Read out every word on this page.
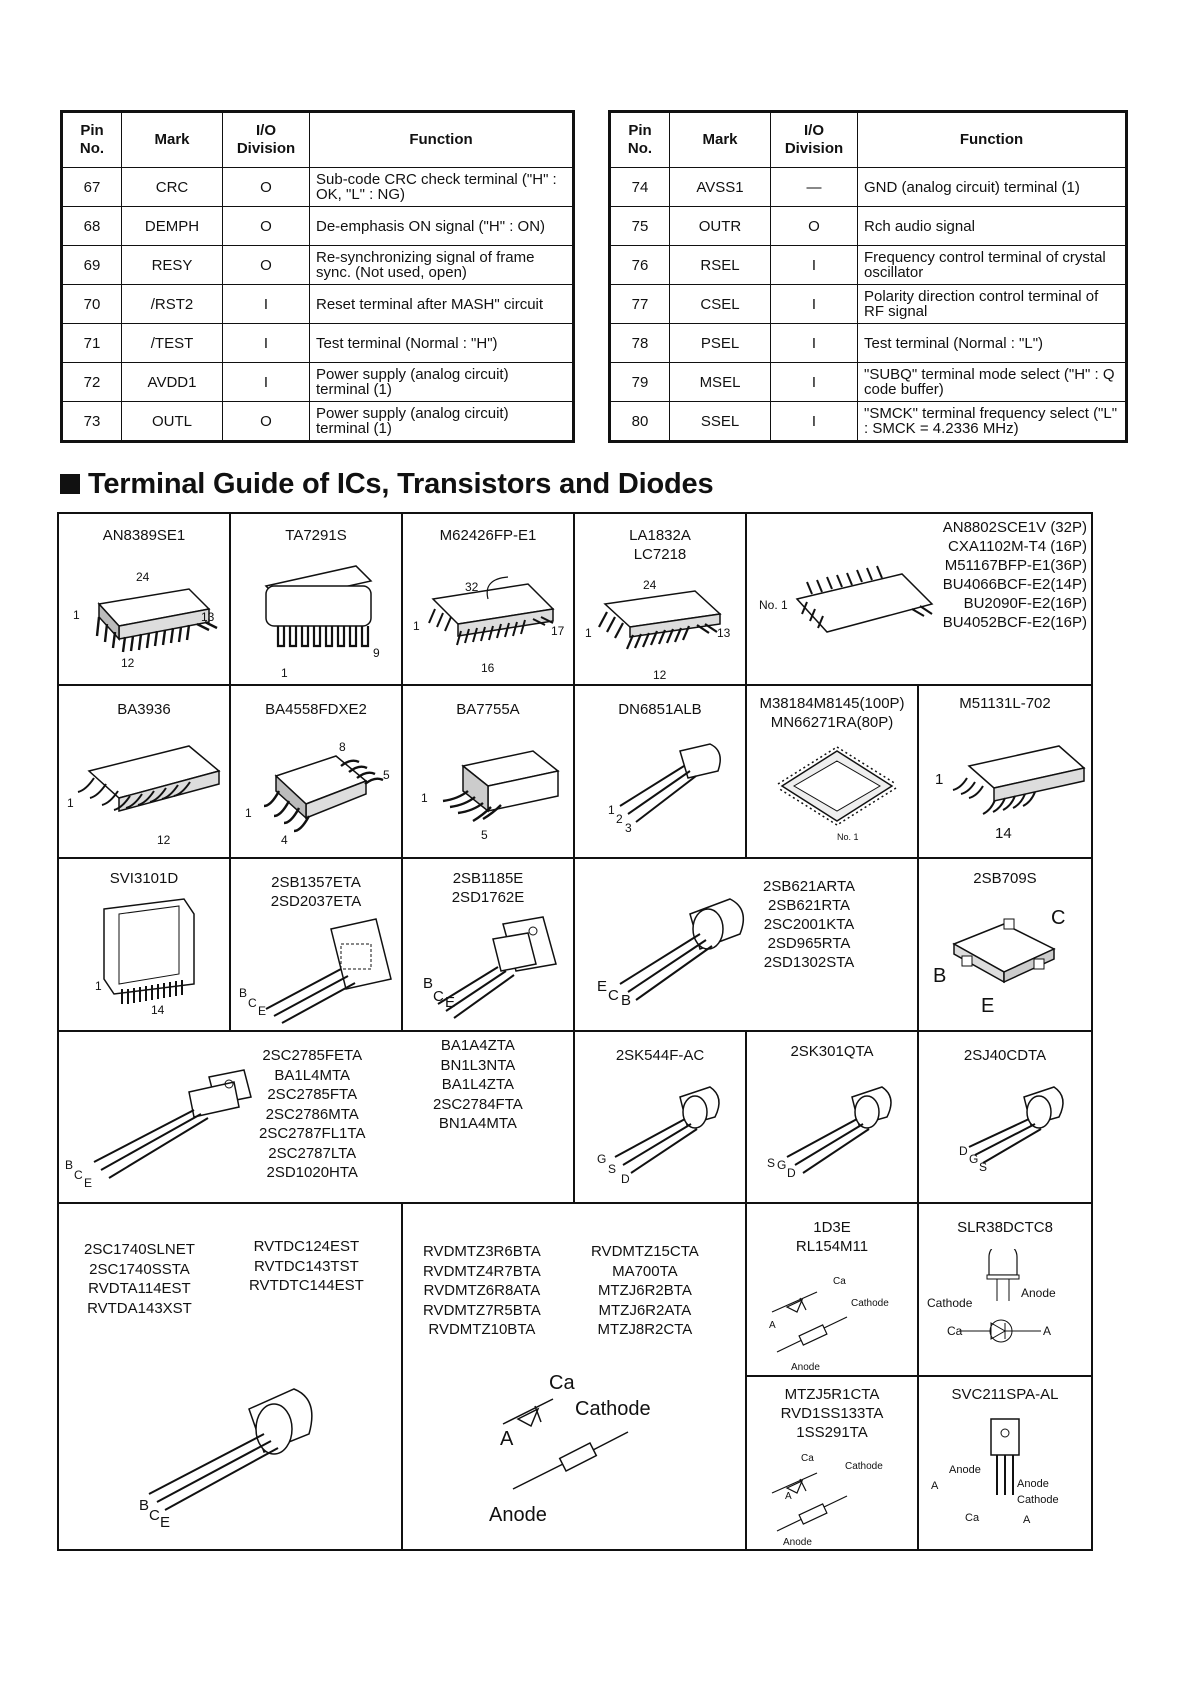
Pin No.	Mark	I/O Division	Function
67	CRC	O	Sub-code CRC check terminal ("H" : OK, "L" : NG)
68	DEMPH	O	De-emphasis ON signal ("H" : ON)
69	RESY	O	Re-synchronizing signal of frame sync. (Not used, open)
70	/RST2	I	Reset terminal after MASH" circuit
71	/TEST	I	Test terminal (Normal : "H")
72	AVDD1	I	Power supply (analog circuit) terminal (1)
73	OUTL	O	Power supply (analog circuit) terminal (1)
Pin No.	Mark	I/O Division	Function
74	AVSS1	—	GND (analog circuit) terminal (1)
75	OUTR	O	Rch audio signal
76	RSEL	I	Frequency control terminal of crystal oscillator
77	CSEL	I	Polarity direction control terminal of RF signal
78	PSEL	I	Test terminal (Normal : "L")
79	MSEL	I	"SUBQ" terminal mode select ("H" : Q code buffer)
80	SSEL	I	"SMCK" terminal frequency select ("L" : SMCK = 4.2336 MHz)
Terminal Guide of ICs, Transistors and Diodes
AN8389SE1
24
1	13
12
TA7291S
1
9
M62426FP-E1
32
1	17
16
LA1832A
LC7218
24
1	13
12
AN8802SCE1V (32P)
CXA1102M-T4 (16P)
M51167BFP-E1(36P)
BU4066BCF-E2(14P)
BU2090F-E2(16P)
BU4052BCF-E2(16P)
No. 1
BA3936
1
12
BA4558FDXE2
8
5
1
4
BA7755A
1
5
DN6851ALB
1
2
3
M38184M8145(100P)
MN66271RA(80P)
No. 1
M51131L-702
1
14
SVI3101D
1
14
2SB1357ETA
2SD2037ETA
B
C
E
2SB1185E
2SD1762E
B
C E
2SB621ARTA
2SB621RTA
2SC2001KTA
2SD965RTA
2SD1302STA
E
C B
2SB709S
C
B
E
2SC2785FETA
BA1L4MTA
2SC2785FTA
2SC2786MTA
2SC2787FL1TA
2SC2787LTA
2SD1020HTA
BA1A4ZTA
BN1L3NTA
BA1L4ZTA
2SC2784FTA
BN1A4MTA
B
C
E
2SK544F-AC
G
S
D
2SK301QTA
S G
D
2SJ40CDTA
D
G
S
2SC1740SLNET
2SC1740SSTA
RVDTA114EST
RVTDA143XST
RVTDC124EST
RVTDC143TST
RVTDTC144EST
B
C E
RVDMTZ3R6BTA
RVDMTZ4R7BTA
RVDMTZ6R8ATA
RVDMTZ7R5BTA
RVDMTZ10BTA
RVDMTZ15CTA
MA700TA
MTZJ6R2BTA
MTZJ6R2ATA
MTZJ8R2CTA
Ca
Cathode
A
Anode
1D3E
RL154M11
Ca
Cathode
A
Anode
SLR38DCTC8
Cathode
Anode
Ca	A
MTZJ5R1CTA
RVD1SS133TA
1SS291TA
Ca
Cathode
A
Anode
SVC211SPA-AL
Anode
A	Anode
Cathode
Ca	A
